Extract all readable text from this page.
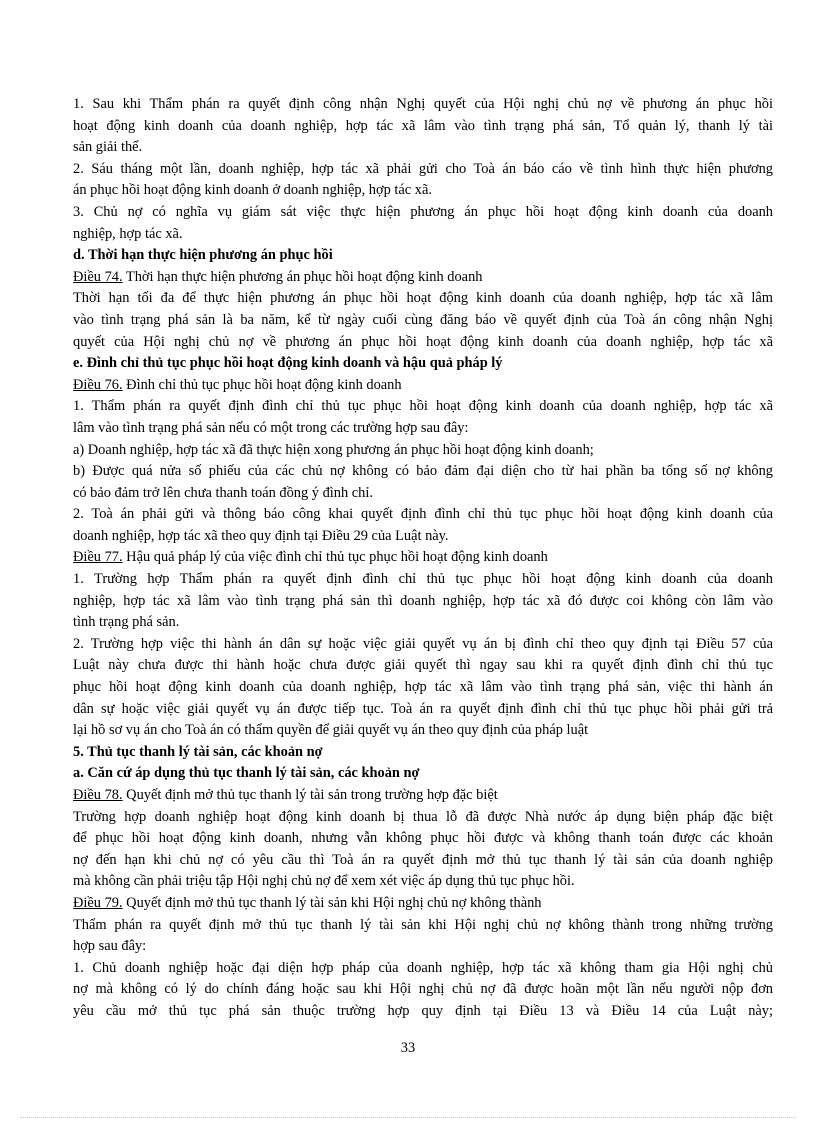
1. Sau khi Thẩm phán ra quyết định công nhận Nghị quyết của Hội nghị chủ nợ về phương án phục hồi
hoạt động kinh doanh của doanh nghiệp, hợp tác xã lâm vào tình trạng phá sản, Tổ quản lý, thanh lý tài
sản giải thể.
2. Sáu tháng một lần, doanh nghiệp, hợp tác xã phải gửi cho Toà án báo cáo về tình hình thực hiện phương
án phục hồi hoạt động kinh doanh ở doanh nghiệp, hợp tác xã.
3. Chủ nợ có nghĩa vụ giám sát việc thực hiện phương án phục hồi hoạt động kinh doanh của doanh
nghiệp, hợp tác xã.
d. Thời hạn thực hiện phương án phục hồi
Điều 74. Thời hạn thực hiện phương án phục hồi hoạt động kinh doanh
Thời hạn tối đa để thực hiện phương án phục hồi hoạt động kinh doanh của doanh nghiệp, hợp tác xã lâm
vào tình trạng phá sản là ba năm, kể từ ngày cuối cùng đăng báo về quyết định của Toà án công nhận Nghị
quyết của Hội nghị chủ nợ về phương án phục hồi hoạt động kinh doanh của doanh nghiệp, hợp tác xã
e. Đình chỉ thủ tục phục hồi hoạt động kinh doanh và hậu quả pháp lý
Điều 76. Đình chỉ thủ tục phục hồi hoạt động kinh doanh
1. Thẩm phán ra quyết định đình chỉ thủ tục phục hồi hoạt động kinh doanh của doanh nghiệp, hợp tác xã
lâm vào tình trạng phá sản nếu có một trong các trường hợp sau đây:
a) Doanh nghiệp, hợp tác xã đã thực hiện xong phương án phục hồi hoạt động kinh doanh;
b) Được quá nửa số phiếu của các chủ nợ không có bảo đảm đại diện cho từ hai phần ba tổng số nợ không
có bảo đảm trở lên chưa thanh toán đồng ý đình chỉ.
2. Toà án phải gửi và thông báo công khai quyết định đình chỉ thủ tục phục hồi hoạt động kinh doanh của
doanh nghiệp, hợp tác xã theo quy định tại Điều 29 của Luật này.
Điều 77. Hậu quả pháp lý của việc đình chỉ thủ tục phục hồi hoạt động kinh doanh
1. Trường hợp Thẩm phán ra quyết định đình chỉ thủ tục phục hồi hoạt động kinh doanh của doanh
nghiệp, hợp tác xã lâm vào tình trạng phá sản thì doanh nghiệp, hợp tác xã đó được coi không còn lâm vào
tình trạng phá sản.
2. Trường hợp việc thi hành án dân sự hoặc việc giải quyết vụ án bị đình chỉ theo quy định tại Điều 57 của
Luật này chưa được thi hành hoặc chưa được giải quyết thì ngay sau khi ra quyết định đình chỉ thủ tục
phục hồi hoạt động kinh doanh của doanh nghiệp, hợp tác xã lâm vào tình trạng phá sản, việc thi hành án
dân sự hoặc việc giải quyết vụ án được tiếp tục. Toà án ra quyết định đình chỉ thủ tục phục hồi phải gửi trả
lại hồ sơ vụ án cho Toà án có thẩm quyền để giải quyết vụ án theo quy định của pháp luật
5. Thủ tục thanh lý tài sản, các khoản nợ
a. Căn cứ áp dụng thủ tục thanh lý tài sản, các khoản nợ
Điều 78. Quyết định mở thủ tục thanh lý tài sản trong trường hợp đặc biệt
Trường hợp doanh nghiệp hoạt động kinh doanh bị thua lỗ đã được Nhà nước áp dụng biện pháp đặc biệt
để phục hồi hoạt động kinh doanh, nhưng vẫn không phục hồi được và không thanh toán được các khoản
nợ đến hạn khi chủ nợ có yêu cầu thì Toà án ra quyết định mở thủ tục thanh lý tài sản của doanh nghiệp
mà không cần phải triệu tập Hội nghị chủ nợ để xem xét việc áp dụng thủ tục phục hồi.
Điều 79. Quyết định mở thủ tục thanh lý tài sản khi Hội nghị chủ nợ không thành
Thẩm phán ra quyết định mở thủ tục thanh lý tài sản khi Hội nghị chủ nợ không thành trong những trường
hợp sau đây:
1. Chủ doanh nghiệp hoặc đại diện hợp pháp của doanh nghiệp, hợp tác xã không tham gia Hội nghị chủ
nợ mà không có lý do chính đáng hoặc sau khi Hội nghị chủ nợ đã được hoãn một lần nếu người nộp đơn
yêu cầu mở thủ tục phá sản thuộc trường hợp quy định tại Điều 13 và Điều 14 của Luật này;
33
